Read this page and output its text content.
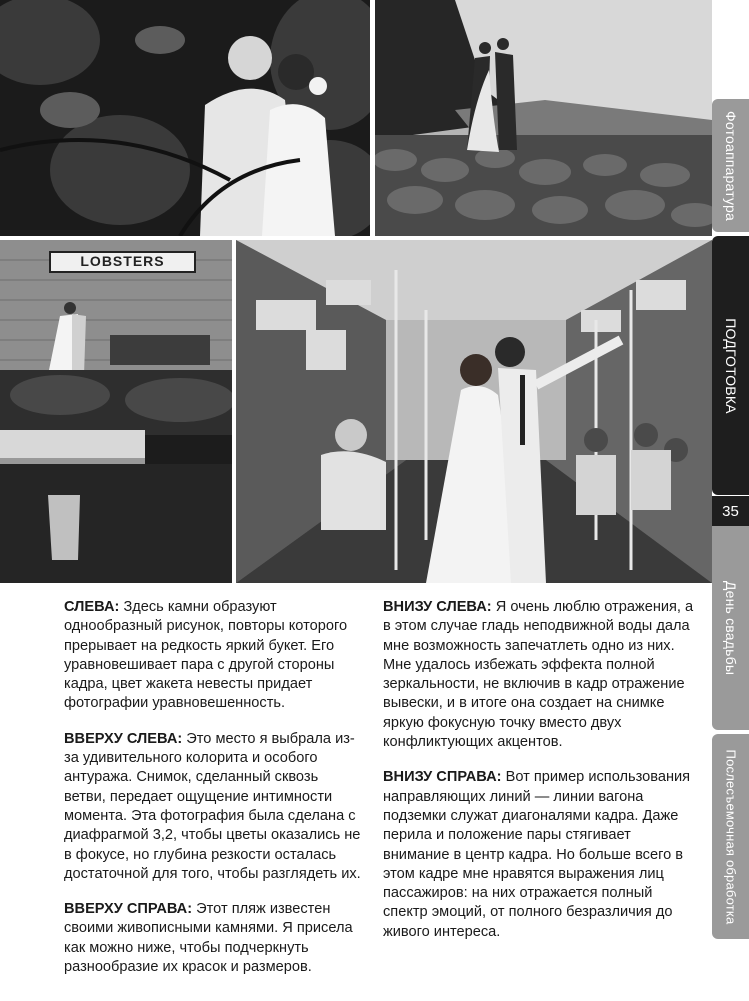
LOBSTERS
Фотоаппаратура
ПОДГОТОВКА
35
День свадьбы
Послесъемочная обработка

СЛЕВА: Здесь камни образуют однообразный рисунок, повторы которого прерывает на редкость яркий букет. Его уравновешивает пара с другой стороны кадра, цвет жакета невесты придает фотографии уравновешенность.

ВВЕРХУ СЛЕВА: Это место я выбрала из-за удивительного колорита и особого антуража. Снимок, сделанный сквозь ветви, передает ощущение интимности момента. Эта фотография была сделана с диафрагмой 3,2, чтобы цветы оказались не в фокусе, но глубина резкости осталась достаточной для того, чтобы разглядеть их.

ВВЕРХУ СПРАВА: Этот пляж известен своими живописными камнями. Я присела как можно ниже, чтобы подчеркнуть разнообразие их красок и размеров.

ВНИЗУ СЛЕВА: Я очень люблю отражения, а в этом случае гладь неподвижной воды дала мне возможность запечатлеть одно из них. Мне удалось избежать эффекта полной зеркальности, не включив в кадр отражение вывески, и в итоге она создает на снимке яркую фокусную точку вместо двух конфликтующих акцентов.

ВНИЗУ СПРАВА: Вот пример использования направляющих линий — линии вагона подземки служат диагоналями кадра. Даже перила и положение пары стягивает внимание в центр кадра. Но больше всего в этом кадре мне нравятся выражения лиц пассажиров: на них отражается полный спектр эмоций, от полного безразличия до живого интереса.
